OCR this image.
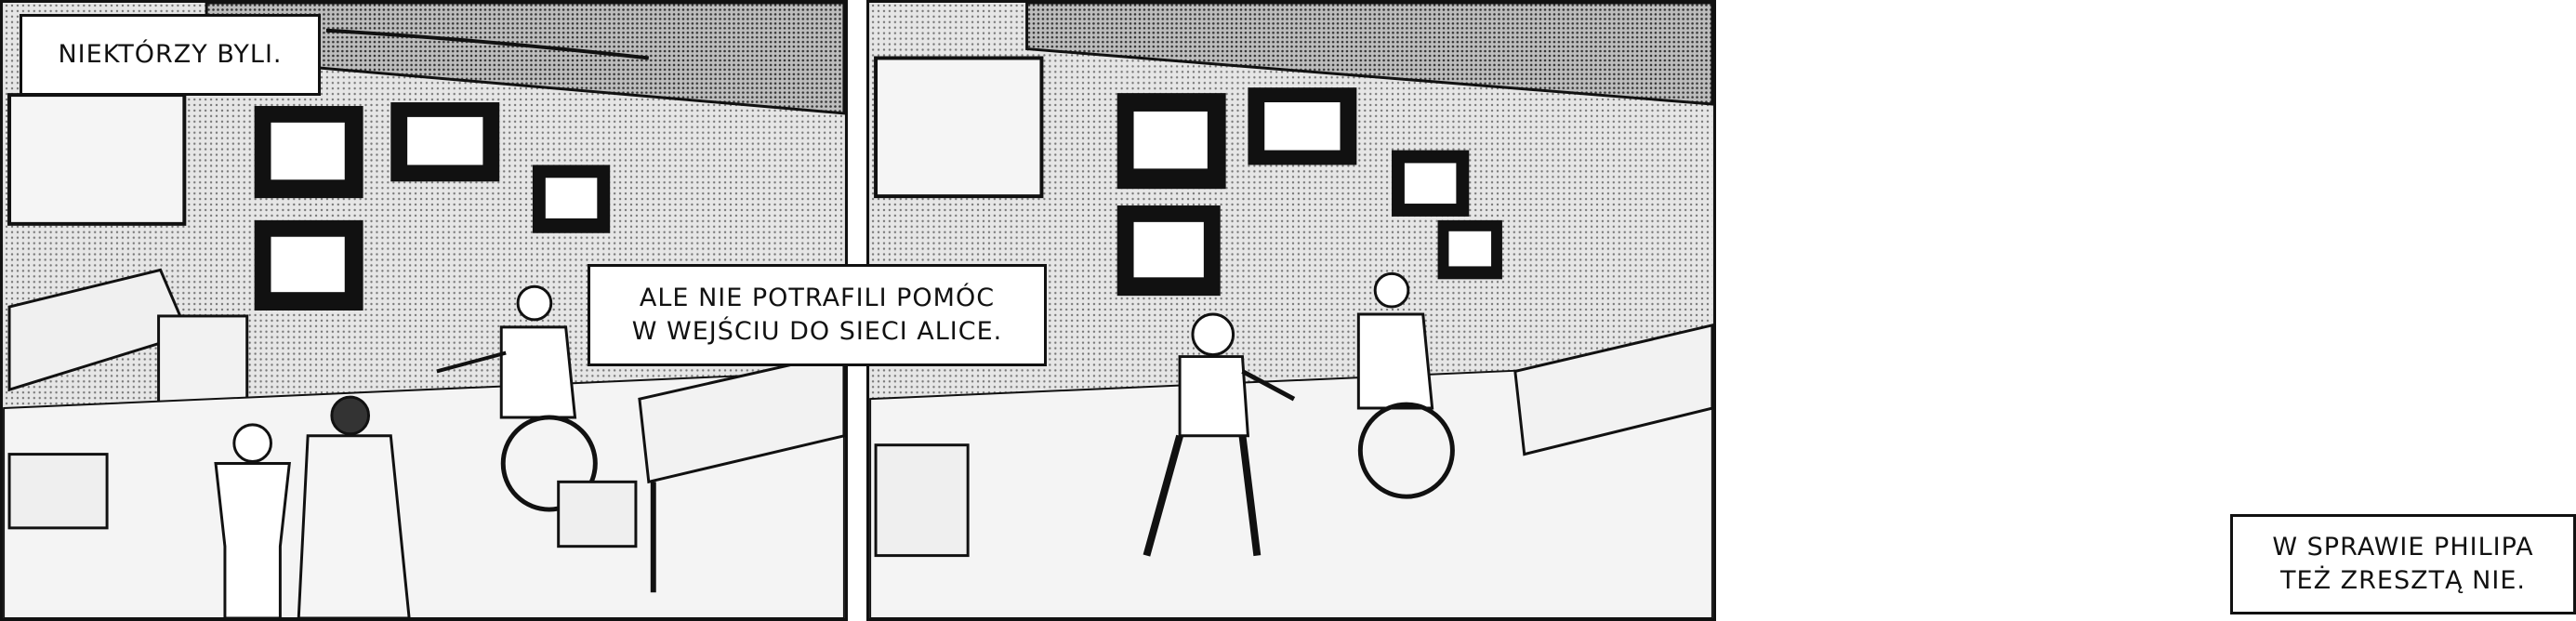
NIEKTÓRZY BYLI.
W SPRAWIE PHILIPA
TEŻ ZRESZTĄ NIE.
ALE NIE POTRAFILI POMÓC
W WEJŚCIU DO SIECI ALICE.
